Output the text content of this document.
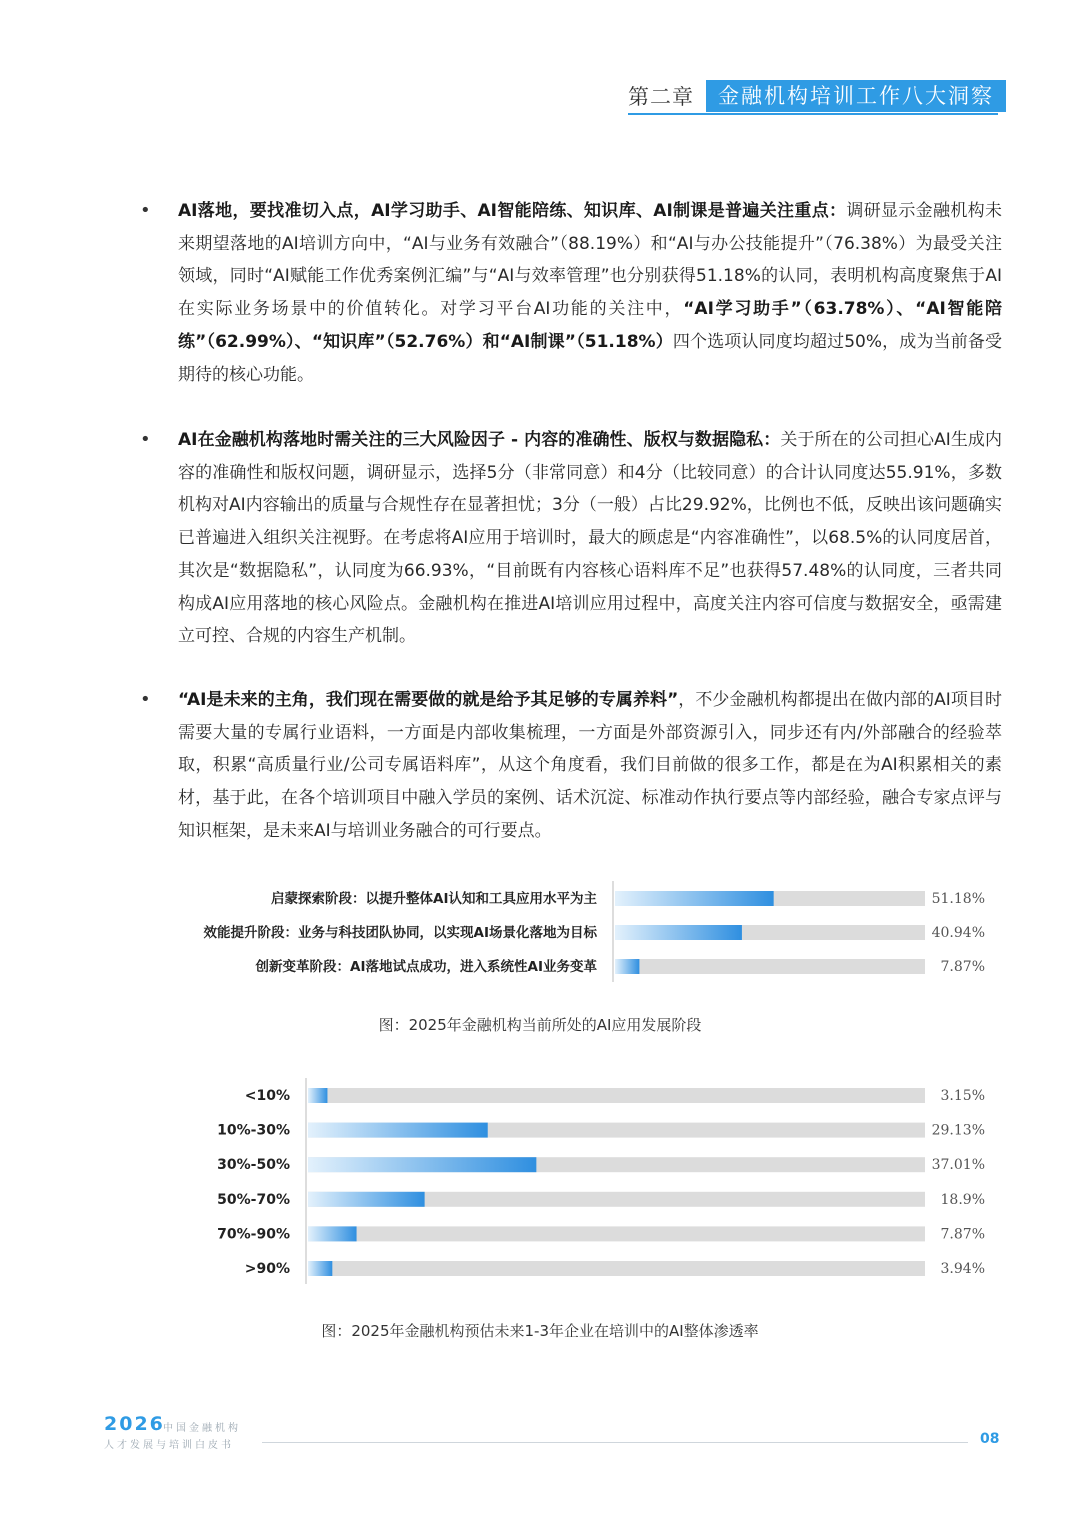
第二章	金融机构培训工作八大洞察
• AI落地，要找准切入点，AI学习助手、AI智能陪练、知识库、AI制课是普遍关注重点：调研显示金融机构未来期望落地的AI培训方向中，“AI与业务有效融合”（88.19%）和“AI与办公技能提升”（76.38%）为最受关注领域，同时“AI赋能工作优秀案例汇编”与“AI与效率管理”也分别获得51.18%的认同，表明机构高度聚焦于AI在实际业务场景中的价值转化。对学习平台AI功能的关注中，“AI学习助手”（63.78%）、“AI智能陪练”（62.99%）、“知识库”（52.76%）和“AI制课”（51.18%）四个选项认同度均超过50%，成为当前备受期待的核心功能。

• AI在金融机构落地时需关注的三大风险因子 - 内容的准确性、版权与数据隐私：关于所在的公司担心AI生成内容的准确性和版权问题，调研显示，选择5分（非常同意）和4分（比较同意）的合计认同度达55.91%，多数机构对AI内容输出的质量与合规性存在显著担忧；3分（一般）占比29.92%，比例也不低，反映出该问题确实已普遍进入组织关注视野。在考虑将AI应用于培训时，最大的顾虑是“内容准确性”，以68.5%的认同度居首，其次是“数据隐私”，认同度为66.93%，“目前既有内容核心语料库不足”也获得57.48%的认同度，三者共同构成AI应用落地的核心风险点。金融机构在推进AI培训应用过程中，高度关注内容可信度与数据安全，亟需建立可控、合规的内容生产机制。

• “AI是未来的主角，我们现在需要做的就是给予其足够的专属养料”，不少金融机构都提出在做内部的AI项目时需要大量的专属行业语料，一方面是内部收集梳理，一方面是外部资源引入，同步还有内/外部融合的经验萃取，积累“高质量行业/公司专属语料库”，从这个角度看，我们目前做的很多工作，都是在为AI积累相关的素材，基于此，在各个培训项目中融入学员的案例、话术沉淀、标准动作执行要点等内部经验，融合专家点评与知识框架，是未来AI与培训业务融合的可行要点。

启蒙探索阶段：以提升整体AI认知和工具应用水平为主	51.18%
效能提升阶段：业务与科技团队协同，以实现AI场景化落地为目标	40.94%
创新变革阶段：AI落地试点成功，进入系统性AI业务变革	7.87%
图：2025年金融机构当前所处的AI应用发展阶段
<10%	3.15%
10%-30%	29.13%
30%-50%	37.01%
50%-70%	18.9%
70%-90%	7.87%
>90%	3.94%
图：2025年金融机构预估未来1-3年企业在培训中的AI整体渗透率
2026
中国金融机构
人才发展与培训白皮书	08
